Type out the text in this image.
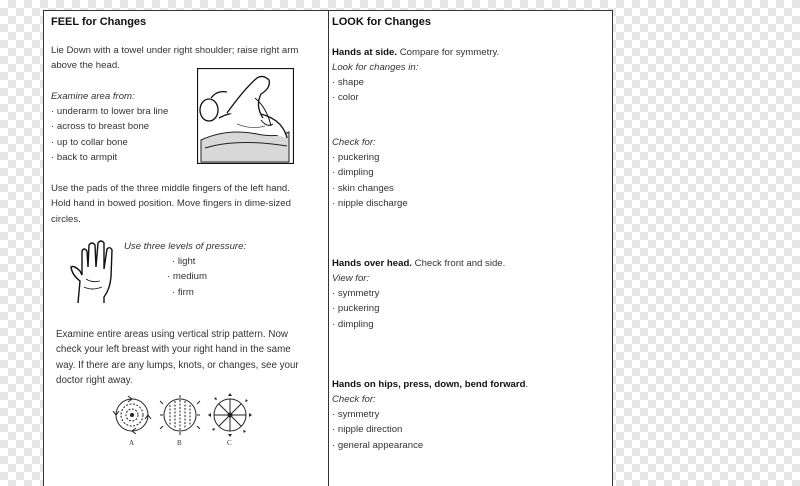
FEEL for Changes
Lie Down with a towel under right shoulder; raise right arm
above the head.
Examine area from:
· underarm to lower bra line
· across to breast bone
· up to collar bone
· back to armpit
Use the pads of the three middle fingers of the left hand.
Hold hand in bowed position. Move fingers in dime-sized
circles.
Use three levels of pressure:
· light
· medium
· firm
Examine entire areas using vertical strip pattern. Now
check your left breast with your right hand in the same
way. If there are any lumps, knots, or changes, see your
doctor right away.
A	B	C
LOOK for Changes
Hands at side. Compare for symmetry.
Look for changes in:
· shape
· color
Check for:
· puckering
· dimpling
· skin changes
· nipple discharge
Hands over head. Check front and side.
View for:
· symmetry
· puckering
· dimpling
Hands on hips, press, down, bend forward.
Check for:
· symmetry
· nipple direction
· general appearance
